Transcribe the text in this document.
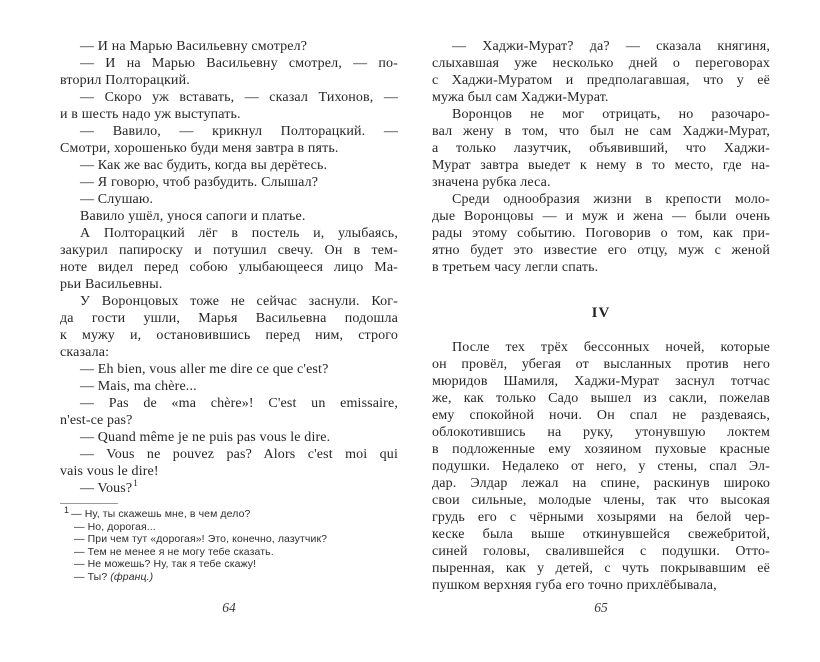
— И на Марью Васильевну смотрел?
— И на Марью Васильевну смотрел, — по-
вторил Полторацкий.
— Скоро уж вставать, — сказал Тихонов, —
и в шесть надо уж выступать.
— Вавило, — крикнул Полторацкий. —
Смотри, хорошенько буди меня завтра в пять.
— Как же вас будить, когда вы дерётесь.
— Я говорю, чтоб разбудить. Слышал?
— Слушаю.
Вавило ушёл, унося сапоги и платье.
А Полторацкий лёг в постель и, улыбаясь,
закурил папироску и потушил свечу. Он в тем-
ноте видел перед собою улыбающееся лицо Ма-
рьи Васильевны.
У Воронцовых тоже не сейчас заснули. Ког-
да гости ушли, Марья Васильевна подошла
к мужу и, остановившись перед ним, строго
сказала:
— Eh bien, vous aller me dire ce que c'est?
— Mais, ma chère...
— Pas de «ma chère»! C'est un emissaire,
n'est-ce pas?
— Quand même je ne puis pas vous le dire.
— Vous ne pouvez pas? Alors c'est moi qui
vais vous le dire!
— Vous?$^1$
$^1$ — Ну, ты скажешь мне, в чем дело?
— Но, дорогая...
— При чем тут «дорогая»! Это, конечно, лазутчик?
— Тем не менее я не могу тебе сказать.
— Не можешь? Ну, так я тебе скажу!
— Ты? (франц.)
— Хаджи-Мурат? да? — сказала княгиня,
слыхавшая уже несколько дней о переговорах
с Хаджи-Муратом и предполагавшая, что у её
мужа был сам Хаджи-Мурат.
Воронцов не мог отрицать, но разочаро-
вал жену в том, что был не сам Хаджи-Мурат,
а только лазутчик, объявивший, что Хаджи-
Мурат завтра выедет к нему в то место, где на-
значена рубка леса.
Среди однообразия жизни в крепости моло-
дые Воронцовы — и муж и жена — были очень
рады этому событию. Поговорив о том, как при-
ятно будет это известие его отцу, муж с женой
в третьем часу легли спать.
IV
После тех трёх бессонных ночей, которые
он провёл, убегая от высланных против него
мюридов Шамиля, Хаджи-Мурат заснул тотчас
же, как только Садо вышел из сакли, пожелав
ему спокойной ночи. Он спал не раздеваясь,
облокотившись на руку, утонувшую локтем
в подложенные ему хозяином пуховые красные
подушки. Недалеко от него, у стены, спал Эл-
дар. Элдар лежал на спине, раскинув широко
свои сильные, молодые члены, так что высокая
грудь его с чёрными хозырями на белой чер-
кеске была выше откинувшейся свежебритой,
синей головы, свалившейся с подушки. Отто-
пыренная, как у детей, с чуть покрывавшим её
пушком верхняя губа его точно прихлёбывала,
64	65
